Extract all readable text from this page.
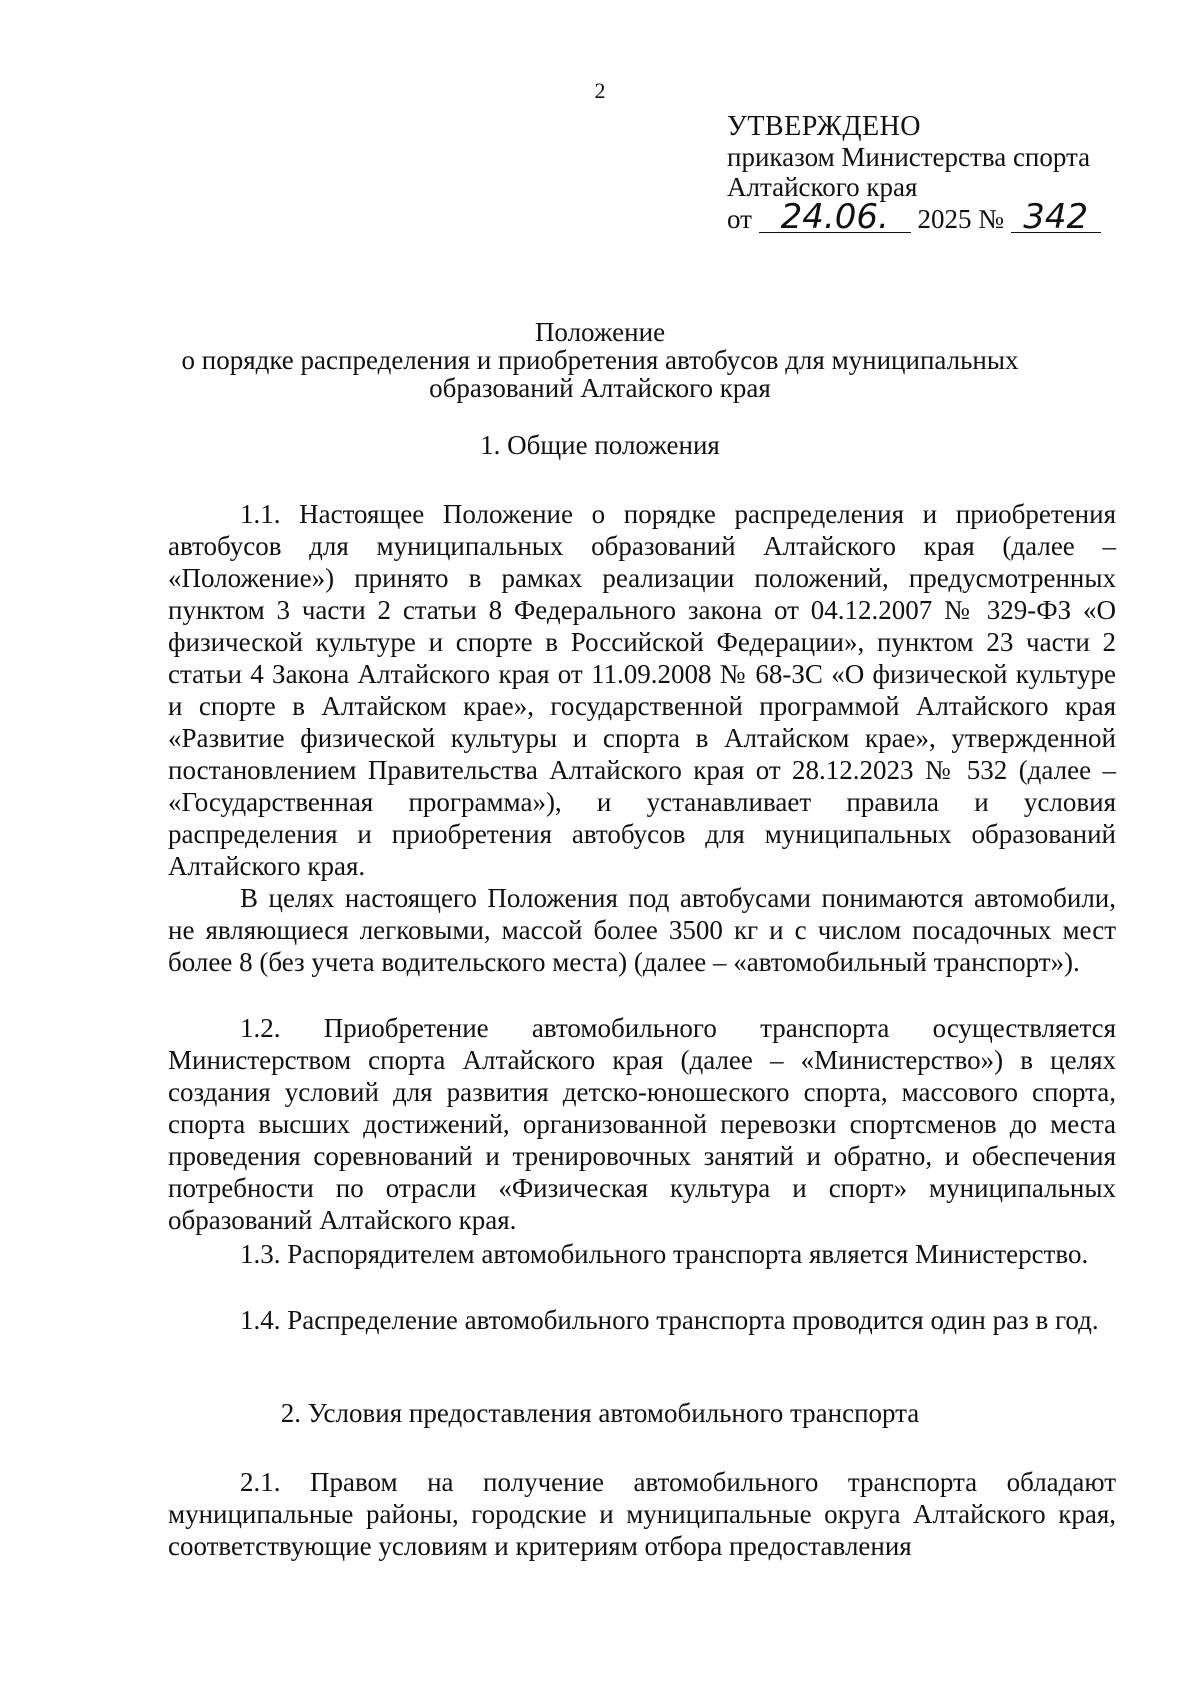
2
УТВЕРЖДЕНО
приказом Министерства спорта
Алтайского края
от 24.06. 2025 № 342
Положение
о порядке распределения и приобретения автобусов для муниципальных
образований Алтайского края
1. Общие положения

1.1. Настоящее Положение о порядке распределения и приобретения автобусов для муниципальных образований Алтайского края (далее – «Положение») принято в рамках реализации положений, предусмотренных пунктом 3 части 2 статьи 8 Федерального закона от 04.12.2007 № 329-ФЗ «О физической культуре и спорте в Российской Федерации», пунктом 23 части 2 статьи 4 Закона Алтайского края от 11.09.2008 № 68-ЗС «О физической культуре и спорте в Алтайском крае», государственной программой Алтайского края «Развитие физической культуры и спорта в Алтайском крае», утвержденной постановлением Правительства Алтайского края от 28.12.2023 № 532 (далее – «Государственная программа»), и устанавливает правила и условия распределения и приобретения автобусов для муниципальных образований Алтайского края.

В целях настоящего Положения под автобусами понимаются автомобили, не являющиеся легковыми, массой более 3500 кг и с числом посадочных мест более 8 (без учета водительского места) (далее – «автомобильный транспорт»).

1.2. Приобретение автомобильного транспорта осуществляется Министерством спорта Алтайского края (далее – «Министерство») в целях создания условий для развития детско-юношеского спорта, массового спорта, спорта высших достижений, организованной перевозки спортсменов до места проведения соревнований и тренировочных занятий и обратно, и обеспечения потребности по отрасли «Физическая культура и спорт» муниципальных образований Алтайского края.

1.3. Распорядителем автомобильного транспорта является Министерство.

1.4. Распределение автомобильного транспорта проводится один раз в год.

2. Условия предоставления автомобильного транспорта

2.1. Правом на получение автомобильного транспорта обладают муниципальные районы, городские и муниципальные округа Алтайского края, соответствующие условиям и критериям отбора предоставления
